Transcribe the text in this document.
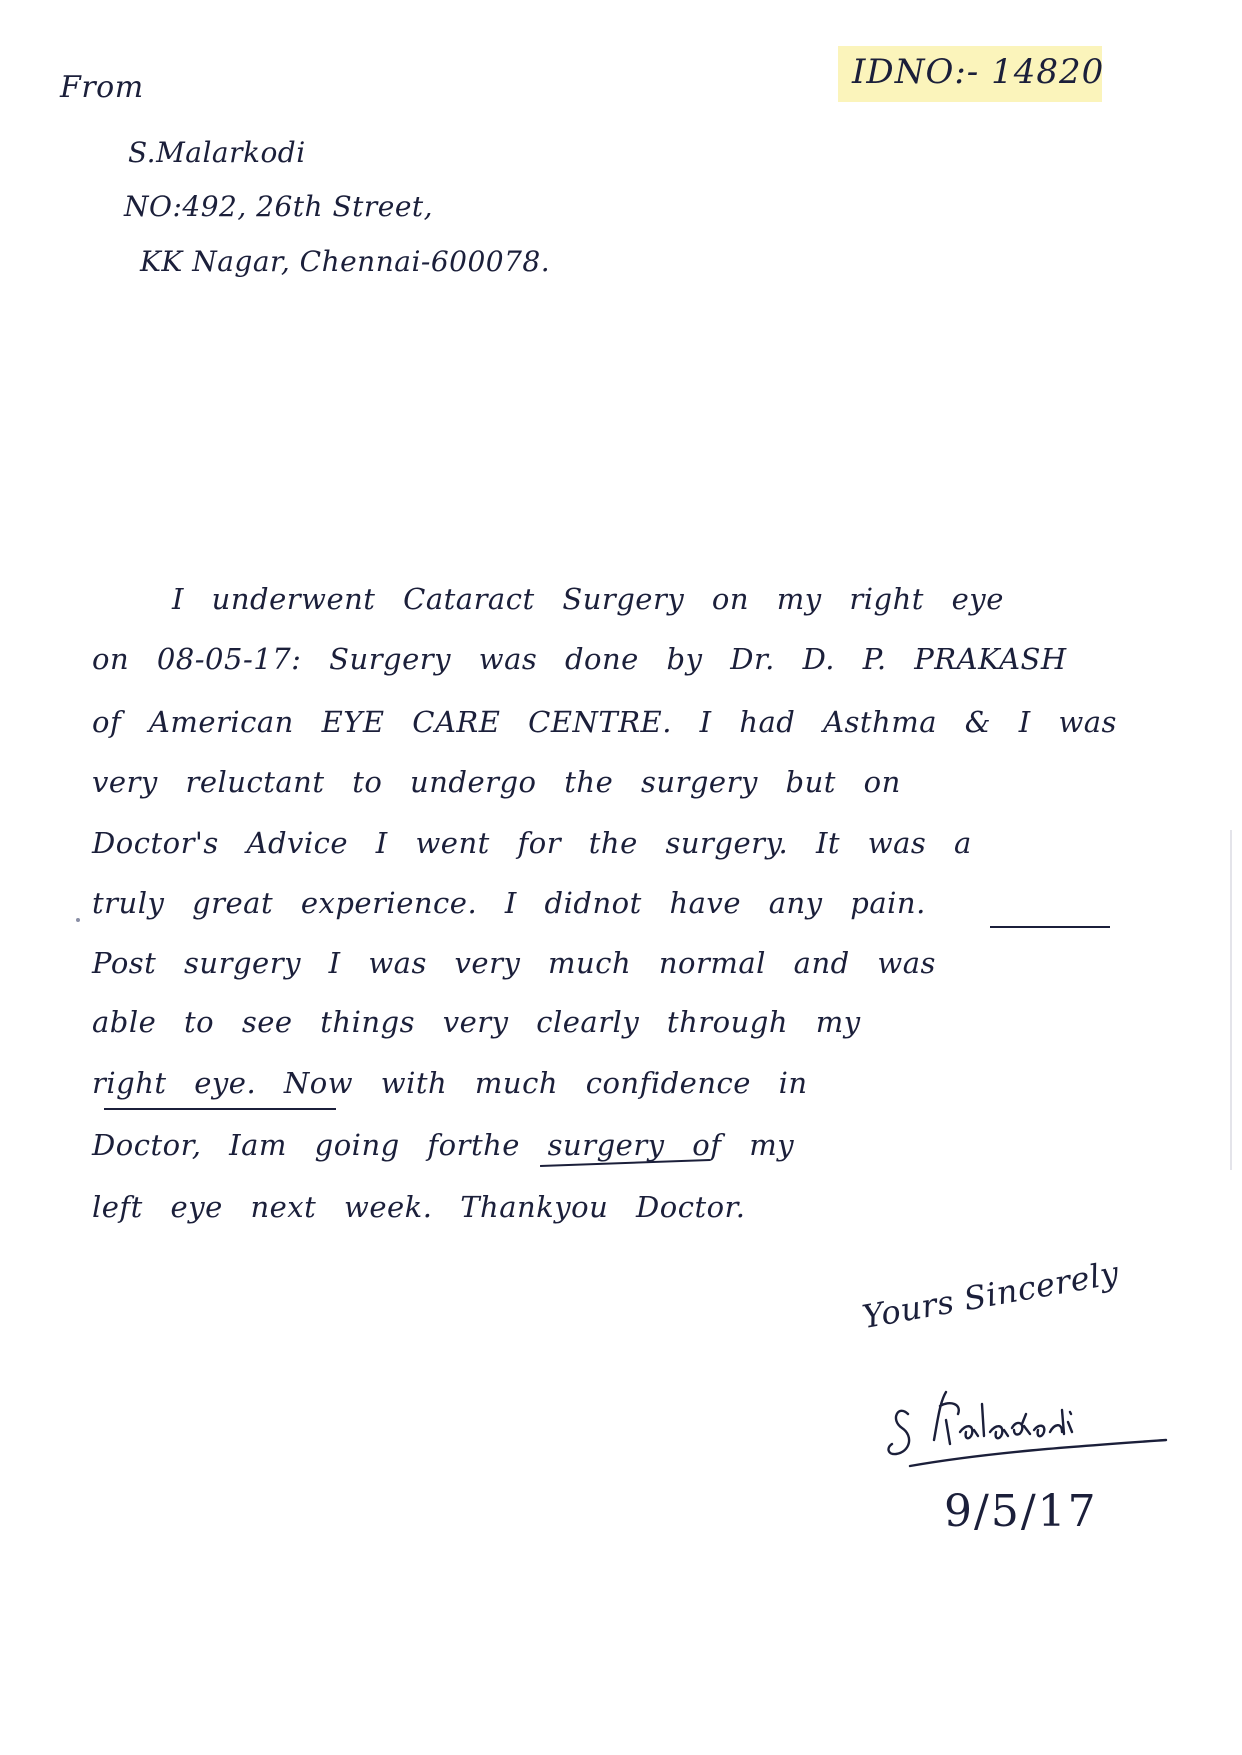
IDNO:- 14820
From
S.Malarkodi
NO:492, 26th Street,
KK Nagar, Chennai-600078.
I underwent Cataract Surgery on my right eye
on 08-05-17: Surgery was done by Dr. D. P. PRAKASH
of American EYE CARE CENTRE. I had Asthma & I was
very reluctant to undergo the surgery but on
Doctor's Advice I went for the surgery. It was a
truly great experience. I didnot have any pain.
Post surgery I was very much normal and was
able to see things very clearly through my
right eye. Now with much confidence in
Doctor, Iam going forthe surgery of my
left eye next week. Thankyou Doctor.
Yours Sincerely
9/5/17
